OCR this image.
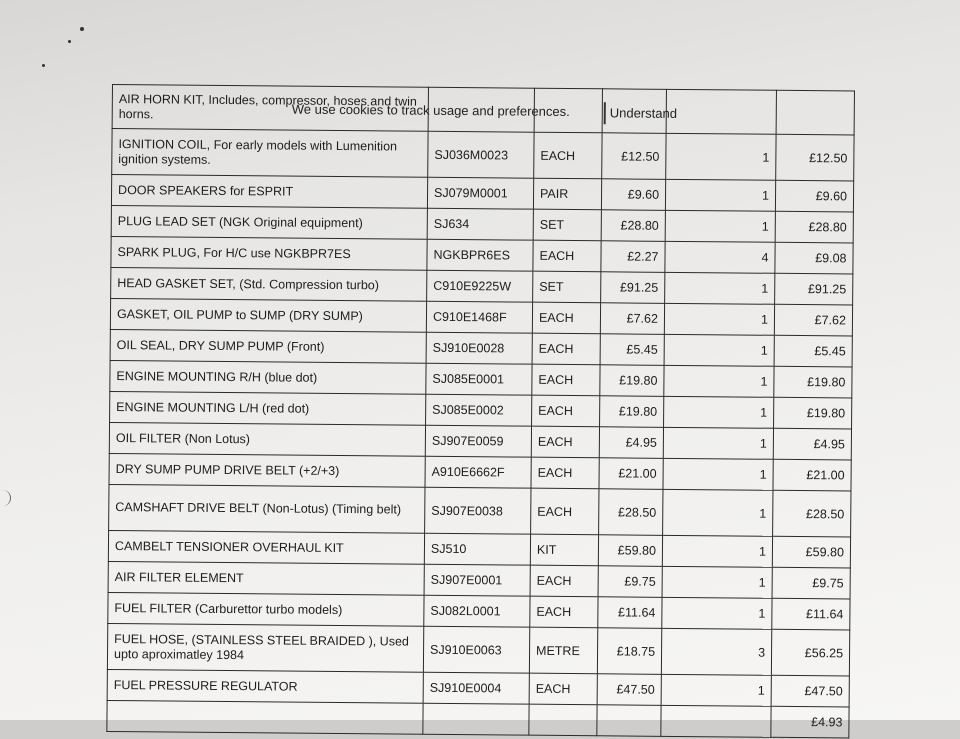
AIR HORN KIT, Includes, compressor, hoses and twin horns.					
IGNITION COIL, For early models with Lumenition ignition systems.	SJ036M0023	EACH	£12.50	1	£12.50
DOOR SPEAKERS for ESPRIT	SJ079M0001	PAIR	£9.60	1	£9.60
PLUG LEAD SET (NGK Original equipment)	SJ634	SET	£28.80	1	£28.80
SPARK PLUG, For H/C use NGKBPR7ES	NGKBPR6ES	EACH	£2.27	4	£9.08
HEAD GASKET SET, (Std. Compression turbo)	C910E9225W	SET	£91.25	1	£91.25
GASKET, OIL PUMP to SUMP (DRY SUMP)	C910E1468F	EACH	£7.62	1	£7.62
OIL SEAL, DRY SUMP PUMP (Front)	SJ910E0028	EACH	£5.45	1	£5.45
ENGINE MOUNTING R/H (blue dot)	SJ085E0001	EACH	£19.80	1	£19.80
ENGINE MOUNTING L/H (red dot)	SJ085E0002	EACH	£19.80	1	£19.80
OIL FILTER (Non Lotus)	SJ907E0059	EACH	£4.95	1	£4.95
DRY SUMP PUMP DRIVE BELT (+2/+3)	A910E6662F	EACH	£21.00	1	£21.00
CAMSHAFT DRIVE BELT (Non-Lotus) (Timing belt)	SJ907E0038	EACH	£28.50	1	£28.50
CAMBELT TENSIONER OVERHAUL KIT	SJ510	KIT	£59.80	1	£59.80
AIR FILTER ELEMENT	SJ907E0001	EACH	£9.75	1	£9.75
FUEL FILTER (Carburettor turbo models)	SJ082L0001	EACH	£11.64	1	£11.64
FUEL HOSE, (STAINLESS STEEL BRAIDED ), Used upto aproximatley 1984	SJ910E0063	METRE	£18.75	3	£56.25
FUEL PRESSURE REGULATOR	SJ910E0004	EACH	£47.50	1	£47.50
					£4.93
We use cookies to track usage and preferences.	Understand
